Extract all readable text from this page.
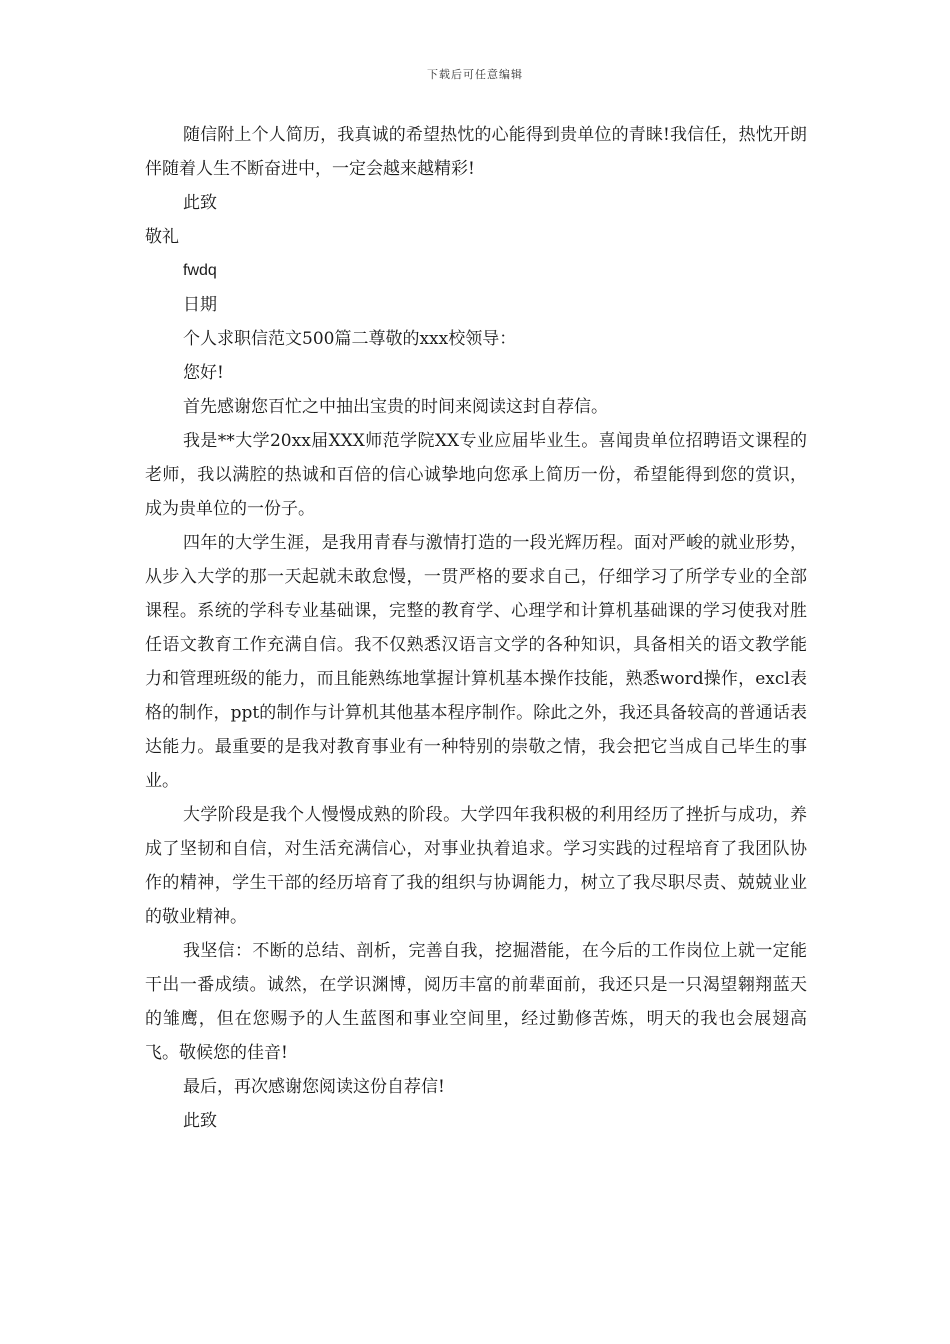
下载后可任意编辑

随信附上个人简历，我真诚的希望热忱的心能得到贵单位的青睐!我信任，热忱开朗伴随着人生不断奋进中，一定会越来越精彩!

此致

敬礼

fwdq

日期

个人求职信范文500篇二尊敬的xxx校领导：

您好!

首先感谢您百忙之中抽出宝贵的时间来阅读这封自荐信。

我是**大学20xx届XXX师范学院XX专业应届毕业生。喜闻贵单位招聘语文课程的老师，我以满腔的热诚和百倍的信心诚挚地向您承上简历一份，希望能得到您的赏识，成为贵单位的一份子。

四年的大学生涯，是我用青春与激情打造的一段光辉历程。面对严峻的就业形势，从步入大学的那一天起就未敢怠慢，一贯严格的要求自己，仔细学习了所学专业的全部课程。系统的学科专业基础课，完整的教育学、心理学和计算机基础课的学习使我对胜任语文教育工作充满自信。我不仅熟悉汉语言文学的各种知识，具备相关的语文教学能力和管理班级的能力，而且能熟练地掌握计算机基本操作技能，熟悉word操作，excl表格的制作，ppt的制作与计算机其他基本程序制作。除此之外，我还具备较高的普通话表达能力。最重要的是我对教育事业有一种特别的崇敬之情，我会把它当成自己毕生的事业。

大学阶段是我个人慢慢成熟的阶段。大学四年我积极的利用经历了挫折与成功，养成了坚韧和自信，对生活充满信心，对事业执着追求。学习实践的过程培育了我团队协作的精神，学生干部的经历培育了我的组织与协调能力，树立了我尽职尽责、兢兢业业的敬业精神。

我坚信：不断的总结、剖析，完善自我，挖掘潜能，在今后的工作岗位上就一定能干出一番成绩。诚然，在学识渊博，阅历丰富的前辈面前，我还只是一只渴望翱翔蓝天的雏鹰，但在您赐予的人生蓝图和事业空间里，经过勤修苦炼，明天的我也会展翅高飞。敬候您的佳音!

最后，再次感谢您阅读这份自荐信!

此致
